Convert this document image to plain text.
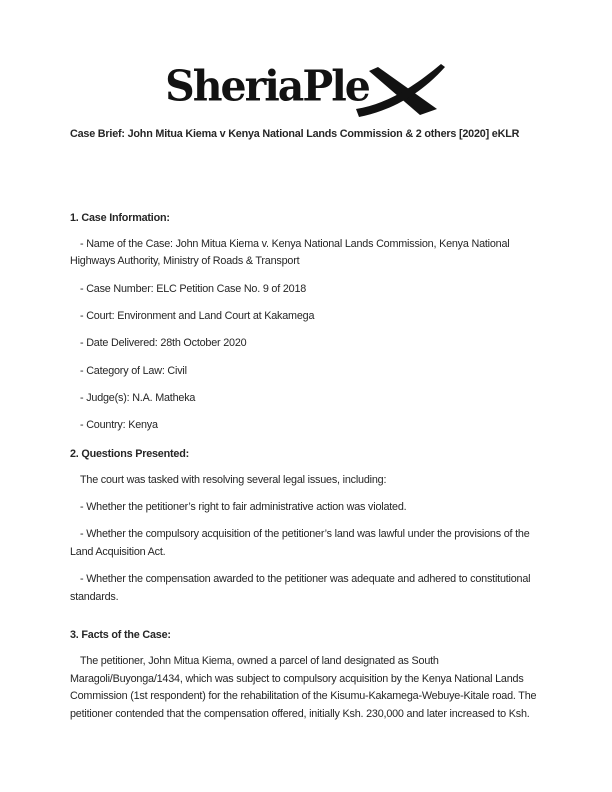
SheriaPle

Case Brief: John Mitua Kiema v Kenya National Lands Commission & 2 others [2020] eKLR

1. Case Information:

- Name of the Case: John Mitua Kiema v. Kenya National Lands Commission, Kenya National Highways Authority, Ministry of Roads & Transport

- Case Number: ELC Petition Case No. 9 of 2018

- Court: Environment and Land Court at Kakamega

- Date Delivered: 28th October 2020

- Category of Law: Civil

- Judge(s): N.A. Matheka

- Country: Kenya

2. Questions Presented:

The court was tasked with resolving several legal issues, including:

- Whether the petitioner’s right to fair administrative action was violated.

- Whether the compulsory acquisition of the petitioner’s land was lawful under the provisions of the Land Acquisition Act.

- Whether the compensation awarded to the petitioner was adequate and adhered to constitutional standards.

3. Facts of the Case:

The petitioner, John Mitua Kiema, owned a parcel of land designated as South Maragoli/Buyonga/1434, which was subject to compulsory acquisition by the Kenya National Lands Commission (1st respondent) for the rehabilitation of the Kisumu-Kakamega-Webuye-Kitale road. The petitioner contended that the compensation offered, initially Ksh. 230,000 and later increased to Ksh.
